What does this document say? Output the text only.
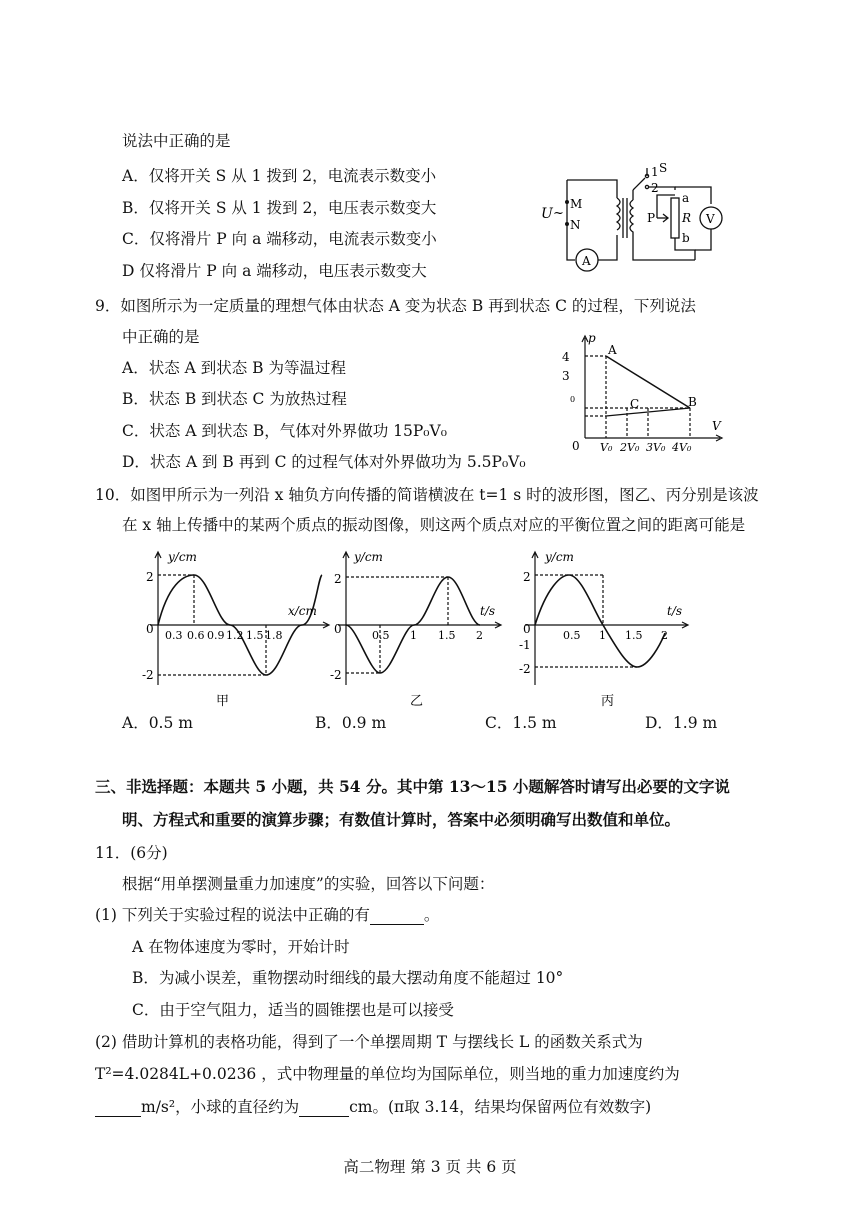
说法中正确的是
A．仅将开关 S 从 1 拨到 2，电流表示数变小
B．仅将开关 S 从 1 拨到 2，电压表示数变大
C．仅将滑片 P 向 a 端移动，电流表示数变小
D 仅将滑片 P 向 a 端移动，电压表示数变大
U ~
M
N
1
2
S
a
b
P R V
A
9．如图所示为一定质量的理想气体由状态 A 变为状态 B 再到状态 C 的过程，下列说法
中正确的是
A．状态 A 到状态 B 为等温过程
B．状态 B 到状态 C 为放热过程
C．状态 A 到状态 B，气体对外界做功 15P₀V₀
D．状态 A 到 B 再到 C 的过程气体对外界做功为 5.5P₀V₀
p
V
0
4
3
0
A
B
C
V₀ 2V₀ 3V₀ 4V₀
10．如图甲所示为一列沿 x 轴负方向传播的简谐横波在 t=1 s 时的波形图，图乙、丙分别是该波
在 x 轴上传播中的某两个质点的振动图像，则这两个质点对应的平衡位置之间的距离可能是
y/cm
x/cm
2
-2
0 0.3 0.6 0.9 1.2 1.5 1.8
甲
y/cm
t/s
2
-2
0	0.5 1 1.5 2
乙
y/cm
t/s
2
-1
-2
0	0.5 1 1.5 2
丙
A．0.5 m	B．0.9 m	C．1.5 m	D．1.9 m
三、非选择题：本题共 5 小题，共 54 分。其中第 13～15 小题解答时请写出必要的文字说
明、方程式和重要的演算步骤；有数值计算时，答案中必须明确写出数值和单位。
11．(6分)
根据“用单摆测量重力加速度”的实验，回答以下问题：
(1) 下列关于实验过程的说法中正确的有	。
A 在物体速度为零时，开始计时
B．为减小误差，重物摆动时细线的最大摆动角度不能超过 10°
C．由于空气阻力，适当的圆锥摆也是可以接受
(2) 借助计算机的表格功能，得到了一个单摆周期 T 与摆线长 L 的函数关系式为
T²=4.0284L+0.0236 ，式中物理量的单位均为国际单位，则当地的重力加速度约为
m/s²，小球的直径约为	cm。(π取 3.14，结果均保留两位有效数字)
高二物理 第 3 页 共 6 页
